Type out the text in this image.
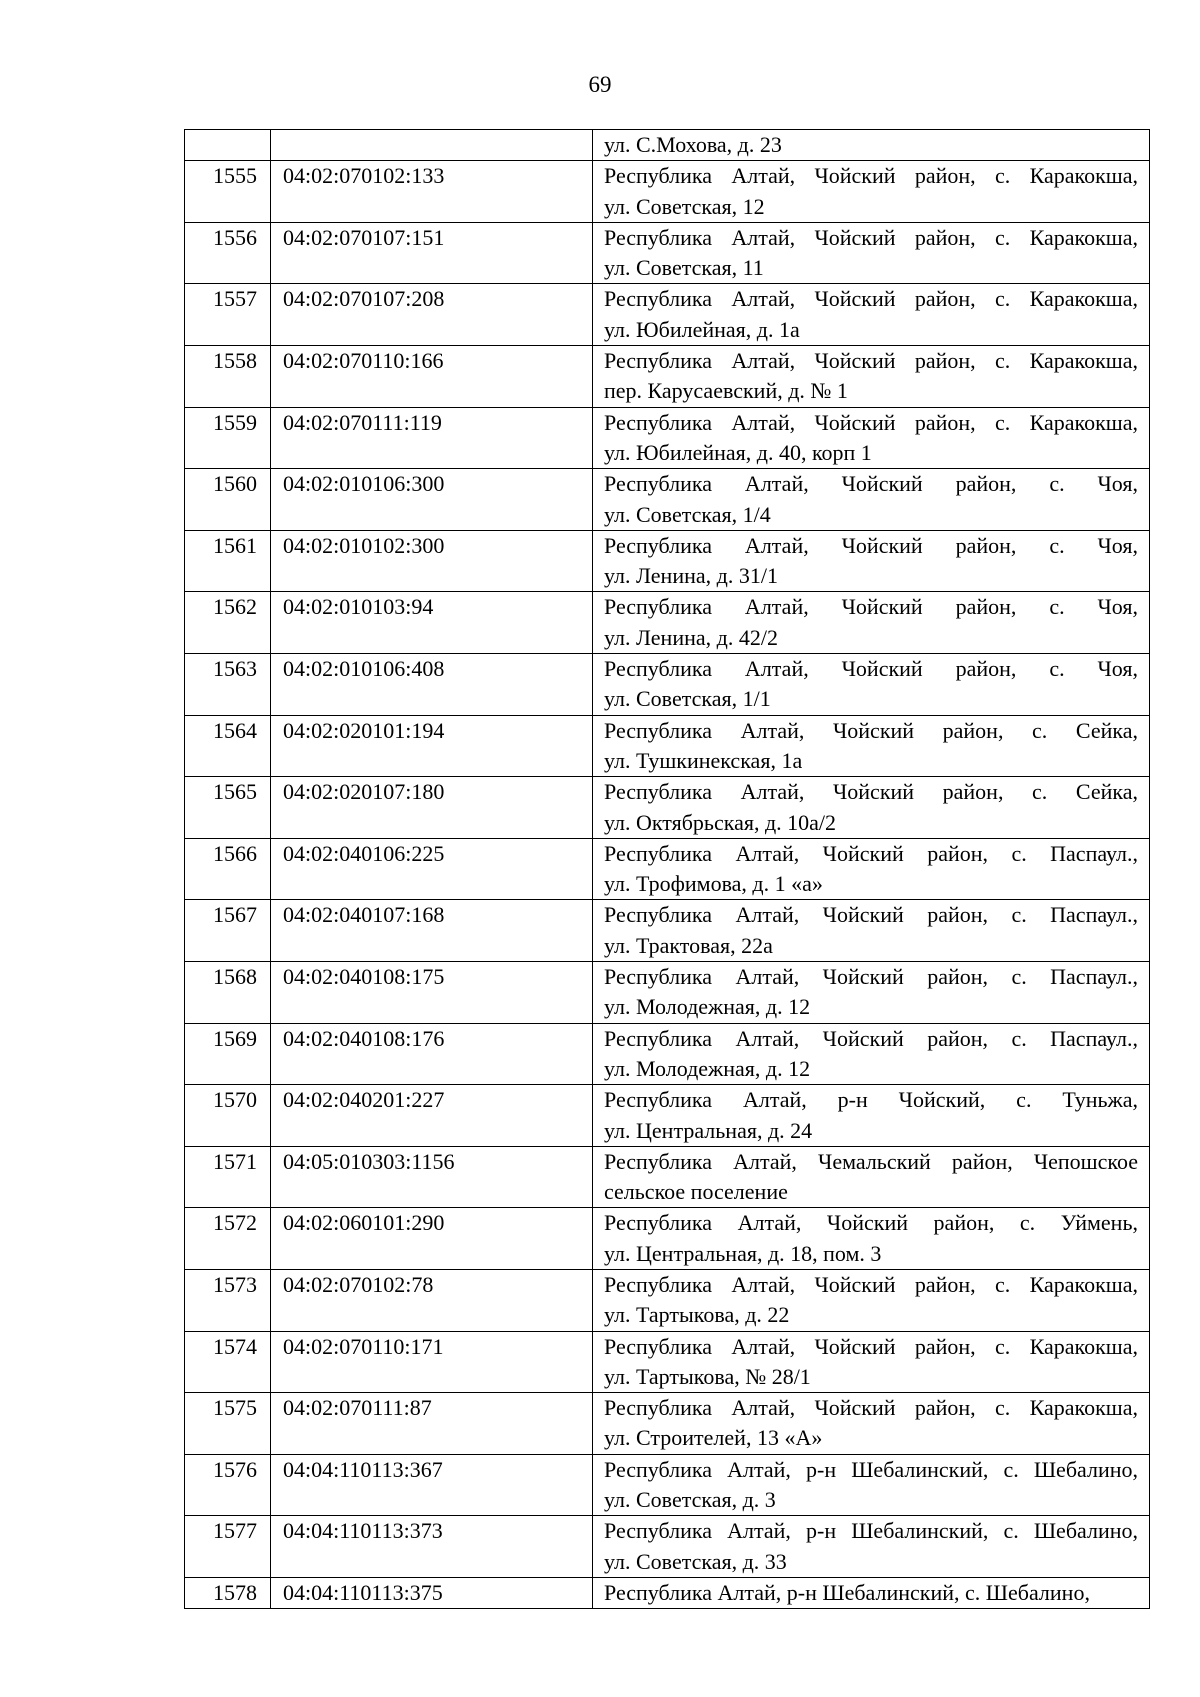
69

		ул. С.Мохова, д. 23

1555	04:02:070102:133	Республика Алтай, Чойский район, с. Каракокша,
ул. Советская, 12

1556	04:02:070107:151	Республика Алтай, Чойский район, с. Каракокша,
ул. Советская, 11

1557	04:02:070107:208	Республика Алтай, Чойский район, с. Каракокша,
ул. Юбилейная, д. 1а

1558	04:02:070110:166	Республика Алтай, Чойский район, с. Каракокша,
пер. Карусаевский, д. № 1

1559	04:02:070111:119	Республика Алтай, Чойский район, с. Каракокша,
ул. Юбилейная, д. 40, корп 1

1560	04:02:010106:300	Республика Алтай, Чойский район, с. Чоя,
ул. Советская, 1/4

1561	04:02:010102:300	Республика Алтай, Чойский район, с. Чоя,
ул. Ленина, д. 31/1

1562	04:02:010103:94	Республика Алтай, Чойский район, с. Чоя,
ул. Ленина, д. 42/2

1563	04:02:010106:408	Республика Алтай, Чойский район, с. Чоя,
ул. Советская, 1/1

1564	04:02:020101:194	Республика Алтай, Чойский район, с. Сейка,
ул. Тушкинекская, 1а

1565	04:02:020107:180	Республика Алтай, Чойский район, с. Сейка,
ул. Октябрьская, д. 10а/2

1566	04:02:040106:225	Республика Алтай, Чойский район, с. Паспаул.,
ул. Трофимова, д. 1 «а»

1567	04:02:040107:168	Республика Алтай, Чойский район, с. Паспаул.,
ул. Трактовая, 22а

1568	04:02:040108:175	Республика Алтай, Чойский район, с. Паспаул.,
ул. Молодежная, д. 12

1569	04:02:040108:176	Республика Алтай, Чойский район, с. Паспаул.,
ул. Молодежная, д. 12

1570	04:02:040201:227	Республика Алтай, р-н Чойский, с. Туньжа,
ул. Центральная, д. 24

1571	04:05:010303:1156	Республика Алтай, Чемальский район, Чепошское
сельское поселение

1572	04:02:060101:290	Республика Алтай, Чойский район, с. Уймень,
ул. Центральная, д. 18, пом. 3

1573	04:02:070102:78	Республика Алтай, Чойский район, с. Каракокша,
ул. Тартыкова, д. 22

1574	04:02:070110:171	Республика Алтай, Чойский район, с. Каракокша,
ул. Тартыкова, № 28/1

1575	04:02:070111:87	Республика Алтай, Чойский район, с. Каракокша,
ул. Строителей, 13 «А»

1576	04:04:110113:367	Республика Алтай, р-н Шебалинский, с. Шебалино,
ул. Советская, д. 3

1577	04:04:110113:373	Республика Алтай, р-н Шебалинский, с. Шебалино,
ул. Советская, д. 33

1578	04:04:110113:375	Республика Алтай, р-н Шебалинский, с. Шебалино,
